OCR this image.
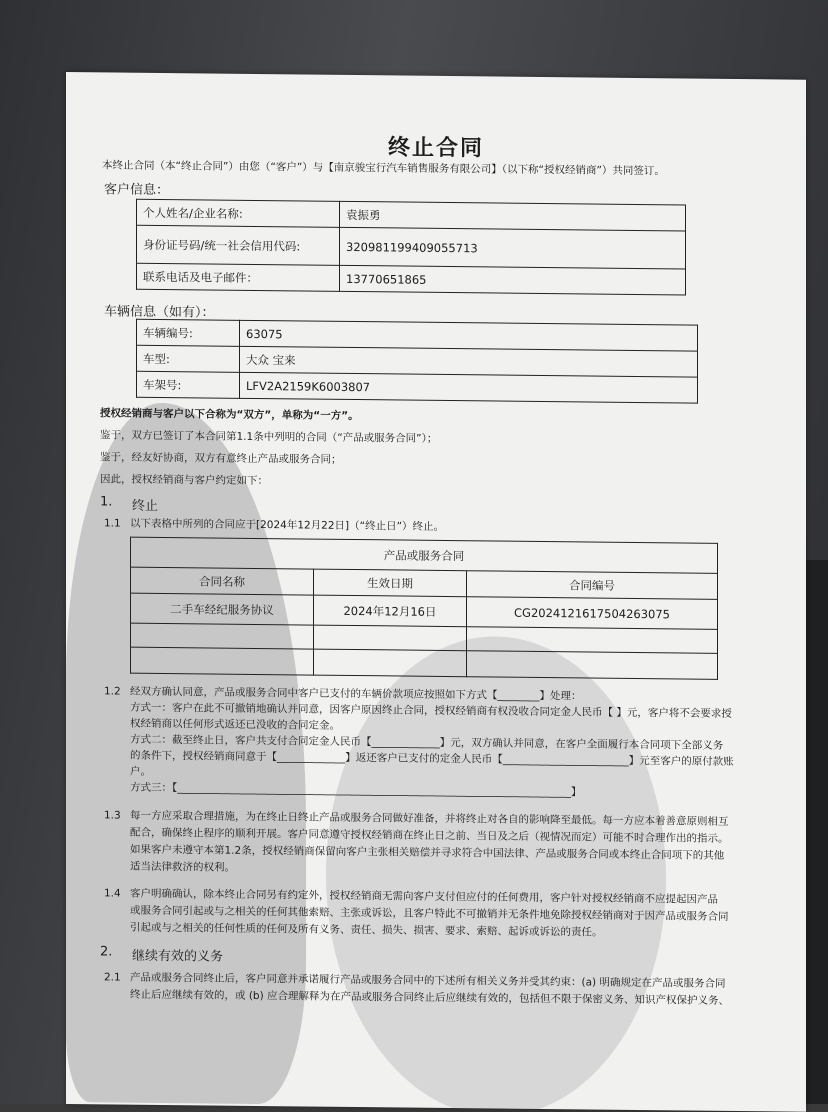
终止合同
本终止合同（本“终止合同”）由您（“客户”）与【南京骏宝行汽车销售服务有限公司】（以下称“授权经销商”）共同签订。
客户信息：
个人姓名/企业名称:	袁振勇
身份证号码/统一社会信用代码:	320981199409055713
联系电话及电子邮件：	13770651865
车辆信息（如有）：
车辆编号:	63075
车型:	大众 宝来
车架号:	LFV2A2159K6003807
授权经销商与客户以下合称为“双方”，单称为“一方”。
鉴于，双方已签订了本合同第1.1条中列明的合同（“产品或服务合同”）；
鉴于，经友好协商，双方有意终止产品或服务合同；
因此，授权经销商与客户约定如下：
1. 终止
1.1 以下表格中所列的合同应于[2024年12月22日]（“终止日”）终止。
产品或服务合同		
合同名称	生效日期	合同编号
二手车经纪服务协议	2024年12月16日	CG2024121617504263075

1.2 经双方确认同意，产品或服务合同中客户已支付的车辆价款项应按照如下方式【________】处理：
方式一：客户在此不可撤销地确认并同意，因客户原因终止合同，授权经销商有权没收合同定金人民币【 】元，客户将不会要求授
权经销商以任何形式返还已没收的合同定金。
方式二：截至终止日，客户共支付合同定金人民币【_____________】元，双方确认并同意，在客户全面履行本合同项下全部义务
的条件下，授权经销商同意于【_____________】返还客户已支付的定金人民币【________________________】元至客户的原付款账
户。
方式三：【___________________________________________________________________________】
1.3 每一方应采取合理措施，为在终止日终止产品或服务合同做好准备，并将终止对各自的影响降至最低。每一方应本着善意原则相互
配合，确保终止程序的顺利开展。客户同意遵守授权经销商在终止日之前、当日及之后（视情况而定）可能不时合理作出的指示。
如果客户未遵守本第1.2条，授权经销商保留向客户主张相关赔偿并寻求符合中国法律、产品或服务合同或本终止合同项下的其他
适当法律救济的权利。
1.4 客户明确确认，除本终止合同另有约定外，授权经销商无需向客户支付但应付的任何费用，客户针对授权经销商不应提起因产品
或服务合同引起或与之相关的任何其他索赔、主张或诉讼，且客户特此不可撤销并无条件地免除授权经销商对于因产品或服务合同
引起或与之相关的任何性质的任何及所有义务、责任、损失、损害、要求、索赔、起诉或诉讼的责任。
2. 继续有效的义务
2.1 产品或服务合同终止后，客户同意并承诺履行产品或服务合同中的下述所有相关义务并受其约束：(a) 明确规定在产品或服务合同
终止后应继续有效的，或 (b) 应合理解释为在产品或服务合同终止后应继续有效的，包括但不限于保密义务、知识产权保护义务、
